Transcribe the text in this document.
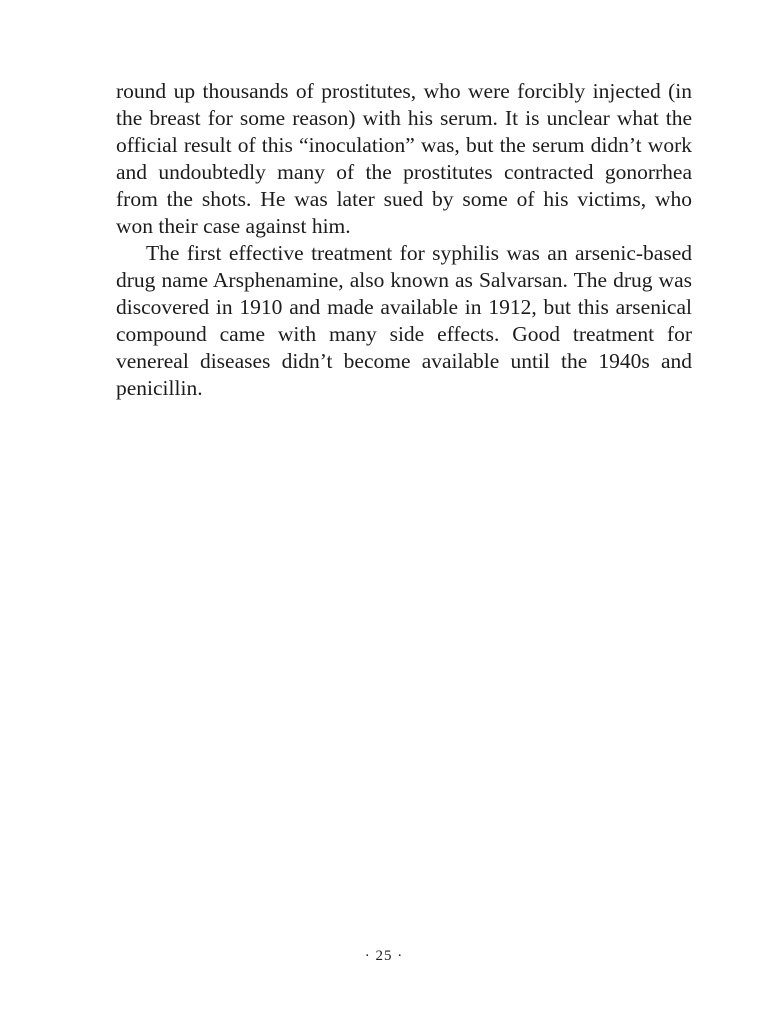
round up thousands of prostitutes, who were forcibly injected (in the breast for some reason) with his serum. It is unclear what the official result of this “inoculation” was, but the serum didn’t work and undoubtedly many of the prostitutes contracted gonorrhea from the shots. He was later sued by some of his victims, who won their case against him.

The first effective treatment for syphilis was an arsenic-based drug name Arsphenamine, also known as Salvarsan. The drug was discovered in 1910 and made available in 1912, but this arsenical compound came with many side effects. Good treatment for venereal diseases didn’t become available until the 1940s and penicillin.

· 25 ·
